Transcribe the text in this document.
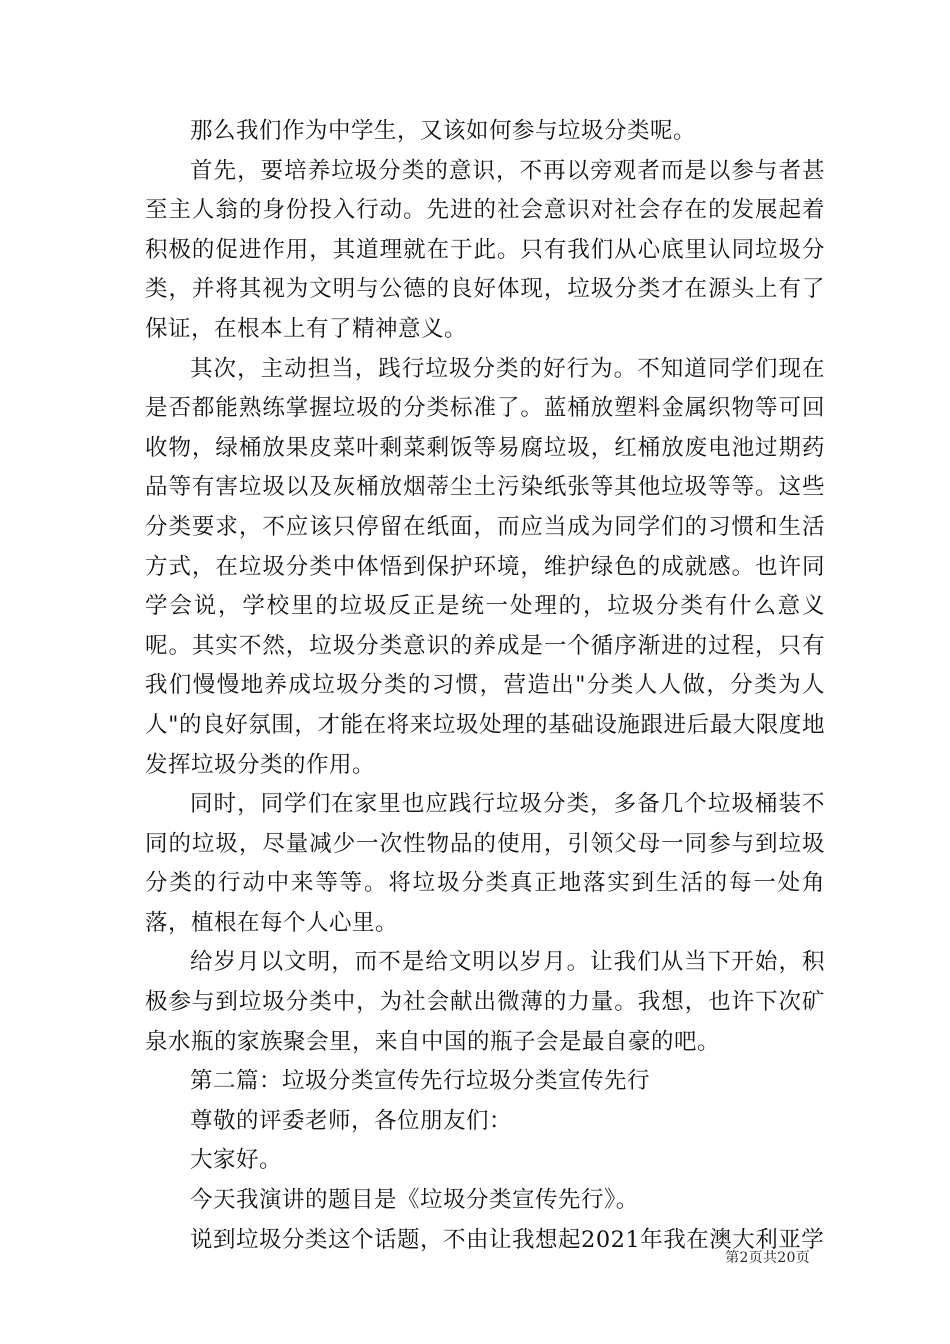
那么我们作为中学生，又该如何参与垃圾分类呢。

首先，要培养垃圾分类的意识，不再以旁观者而是以参与者甚至主人翁的身份投入行动。先进的社会意识对社会存在的发展起着积极的促进作用，其道理就在于此。只有我们从心底里认同垃圾分类，并将其视为文明与公德的良好体现，垃圾分类才在源头上有了保证，在根本上有了精神意义。

其次，主动担当，践行垃圾分类的好行为。不知道同学们现在是否都能熟练掌握垃圾的分类标准了。蓝桶放塑料金属织物等可回收物，绿桶放果皮菜叶剩菜剩饭等易腐垃圾，红桶放废电池过期药品等有害垃圾以及灰桶放烟蒂尘土污染纸张等其他垃圾等等。这些分类要求，不应该只停留在纸面，而应当成为同学们的习惯和生活方式，在垃圾分类中体悟到保护环境，维护绿色的成就感。也许同学会说，学校里的垃圾反正是统一处理的，垃圾分类有什么意义呢。其实不然，垃圾分类意识的养成是一个循序渐进的过程，只有我们慢慢地养成垃圾分类的习惯，营造出"分类人人做，分类为人人"的良好氛围，才能在将来垃圾处理的基础设施跟进后最大限度地发挥垃圾分类的作用。

同时，同学们在家里也应践行垃圾分类，多备几个垃圾桶装不同的垃圾，尽量减少一次性物品的使用，引领父母一同参与到垃圾分类的行动中来等等。将垃圾分类真正地落实到生活的每一处角落，植根在每个人心里。

给岁月以文明，而不是给文明以岁月。让我们从当下开始，积极参与到垃圾分类中，为社会献出微薄的力量。我想，也许下次矿泉水瓶的家族聚会里，来自中国的瓶子会是最自豪的吧。

第二篇：垃圾分类宣传先行垃圾分类宣传先行

尊敬的评委老师，各位朋友们：

大家好。

今天我演讲的题目是《垃圾分类宣传先行》。

说到垃圾分类这个话题，不由让我想起2021年我在澳大利亚学

第2页共20页
